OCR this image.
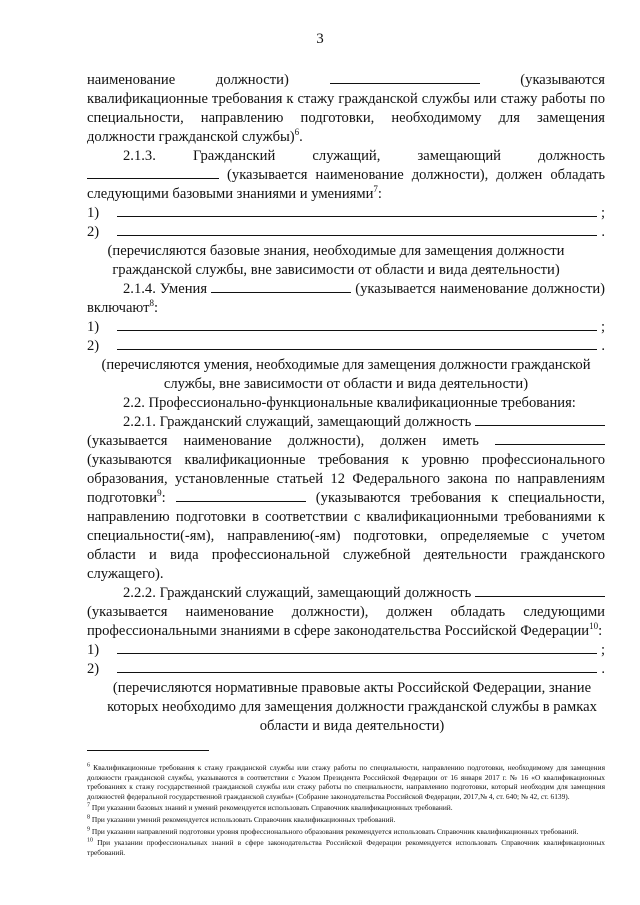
3
наименование должности)	(указываются квалификационные требования к стажу гражданской службы или стажу работы по специальности, направлению подготовки, необходимому для замещения должности гражданской службы)$^6$.
2.1.3. Гражданский служащий, замещающий должность  (указывается наименование должности), должен обладать следующими базовыми знаниями и умениями$^7$:
1)	;
2)	.
(перечисляются базовые знания, необходимые для замещения должности гражданской службы, вне зависимости от области и вида деятельности)
2.1.4. Умения	(указывается наименование должности) включают$^8$:
1)	;
2)	.
(перечисляются умения, необходимые для замещения должности гражданской службы, вне зависимости от области и вида деятельности)
2.2. Профессионально-функциональные квалификационные требования:
2.2.1. Гражданский служащий, замещающий должность  (указывается наименование должности), должен иметь  (указываются квалификационные требования к уровню профессионального образования, установленные статьей 12 Федерального закона по направлениям подготовки$^9$:	(указываются требования к специальности, направлению подготовки в соответствии с квалификационными требованиями к специальности(-ям), направлению(-ям) подготовки, определяемые с учетом области и вида профессиональной служебной деятельности гражданского служащего).
2.2.2. Гражданский служащий, замещающий должность  (указывается наименование должности), должен обладать следующими профессиональными знаниями в сфере законодательства Российской Федерации$^{10}$:
1)	;
2)	.
(перечисляются нормативные правовые акты Российской Федерации, знание которых необходимо для замещения должности гражданской службы в рамках области и вида деятельности)
$^6$ Квалификационные требования к стажу гражданской службы или стажу работы по специальности, направлению подготовки, необходимому для замещения должности гражданской службы, указываются в соответствии с Указом Президента Российской Федерации от 16 января 2017 г. № 16 «О квалификационных требованиях к стажу государственной гражданской службы или стажу работы по специальности, направлению подготовки, который необходим для замещения должностей федеральной государственной гражданской службы» (Собрание законодательства Российской Федерации, 2017,№ 4, ст. 640; № 42, ст. 6139).
$^7$ При указании базовых знаний и умений рекомендуется использовать Справочник квалификационных требований.
$^8$ При указании умений рекомендуется использовать Справочник квалификационных требований.
$^9$ При указании направлений подготовки уровня профессионального образования рекомендуется использовать Справочник квалификационных требований.
$^{10}$ При указании профессиональных знаний в сфере законодательства Российской Федерации рекомендуется использовать Справочник квалификационных требований.
